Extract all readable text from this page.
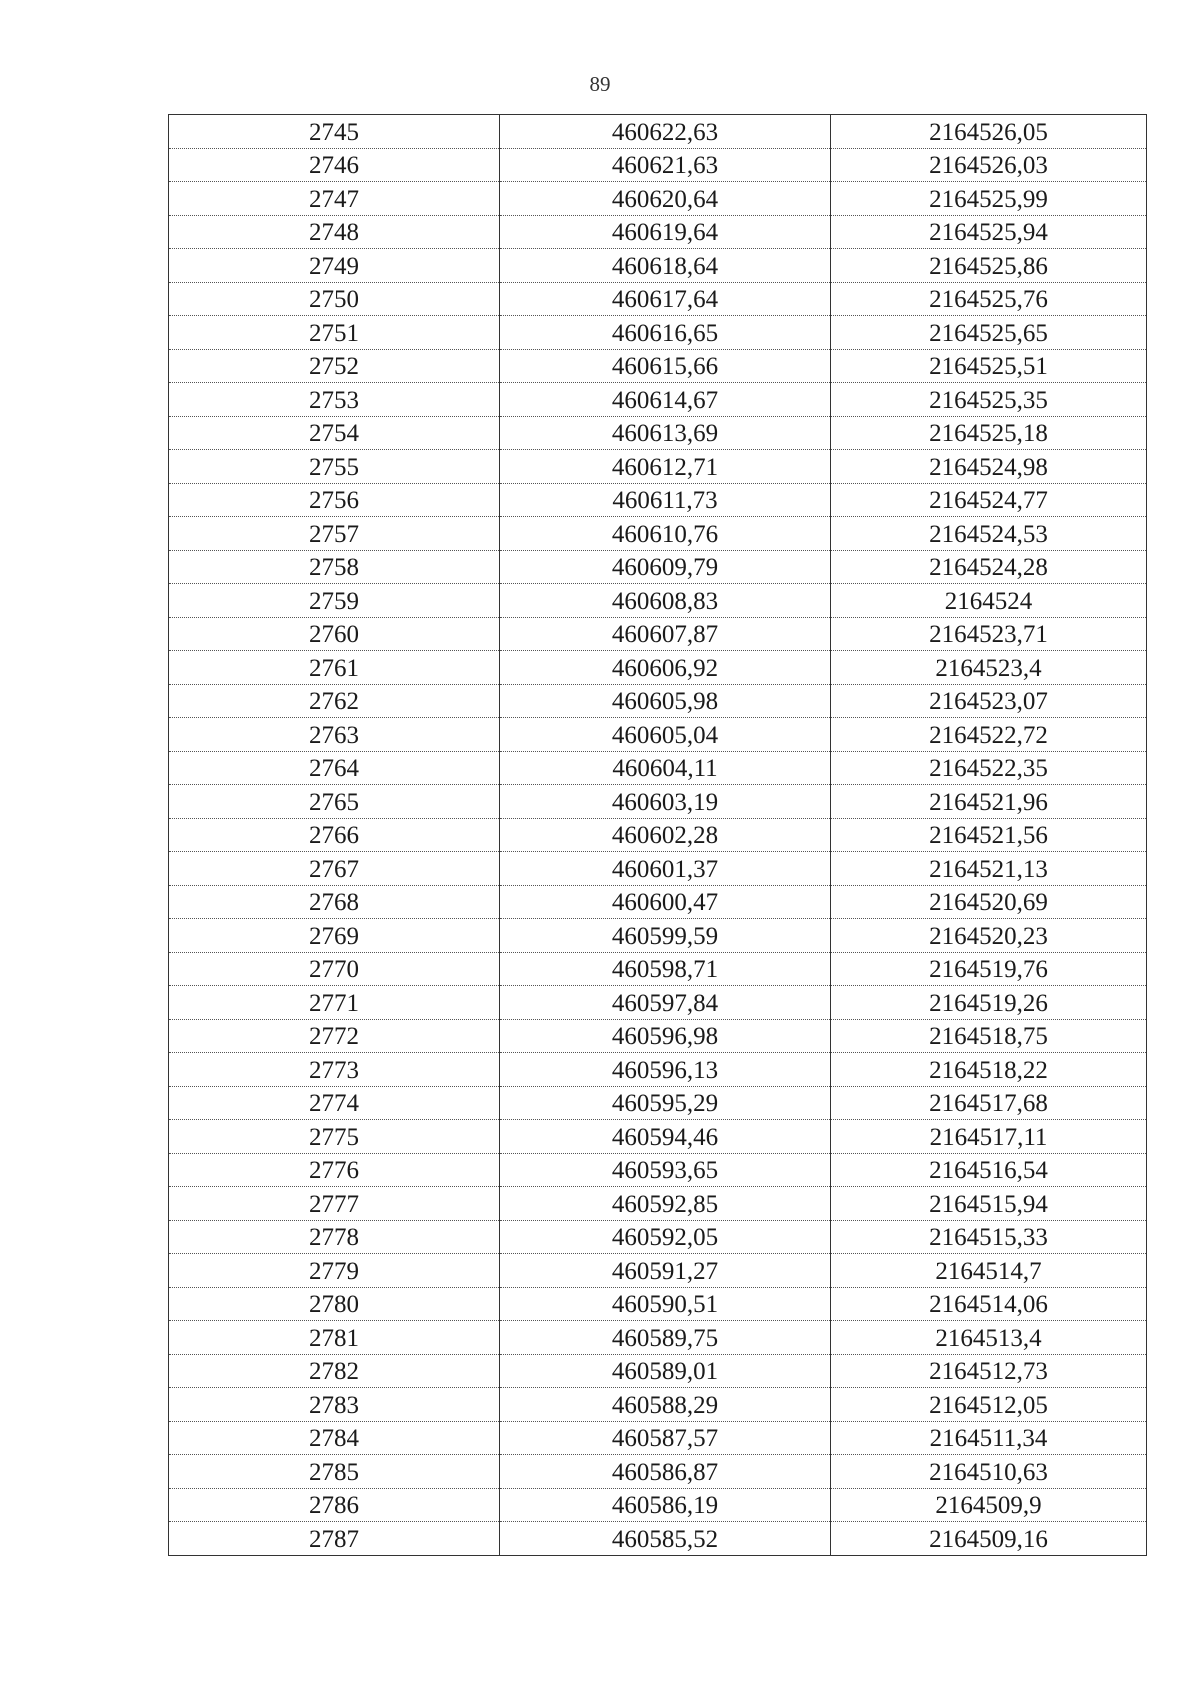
89
2745	460622,63	2164526,05
2746	460621,63	2164526,03
2747	460620,64	2164525,99
2748	460619,64	2164525,94
2749	460618,64	2164525,86
2750	460617,64	2164525,76
2751	460616,65	2164525,65
2752	460615,66	2164525,51
2753	460614,67	2164525,35
2754	460613,69	2164525,18
2755	460612,71	2164524,98
2756	460611,73	2164524,77
2757	460610,76	2164524,53
2758	460609,79	2164524,28
2759	460608,83	2164524
2760	460607,87	2164523,71
2761	460606,92	2164523,4
2762	460605,98	2164523,07
2763	460605,04	2164522,72
2764	460604,11	2164522,35
2765	460603,19	2164521,96
2766	460602,28	2164521,56
2767	460601,37	2164521,13
2768	460600,47	2164520,69
2769	460599,59	2164520,23
2770	460598,71	2164519,76
2771	460597,84	2164519,26
2772	460596,98	2164518,75
2773	460596,13	2164518,22
2774	460595,29	2164517,68
2775	460594,46	2164517,11
2776	460593,65	2164516,54
2777	460592,85	2164515,94
2778	460592,05	2164515,33
2779	460591,27	2164514,7
2780	460590,51	2164514,06
2781	460589,75	2164513,4
2782	460589,01	2164512,73
2783	460588,29	2164512,05
2784	460587,57	2164511,34
2785	460586,87	2164510,63
2786	460586,19	2164509,9
2787	460585,52	2164509,16
